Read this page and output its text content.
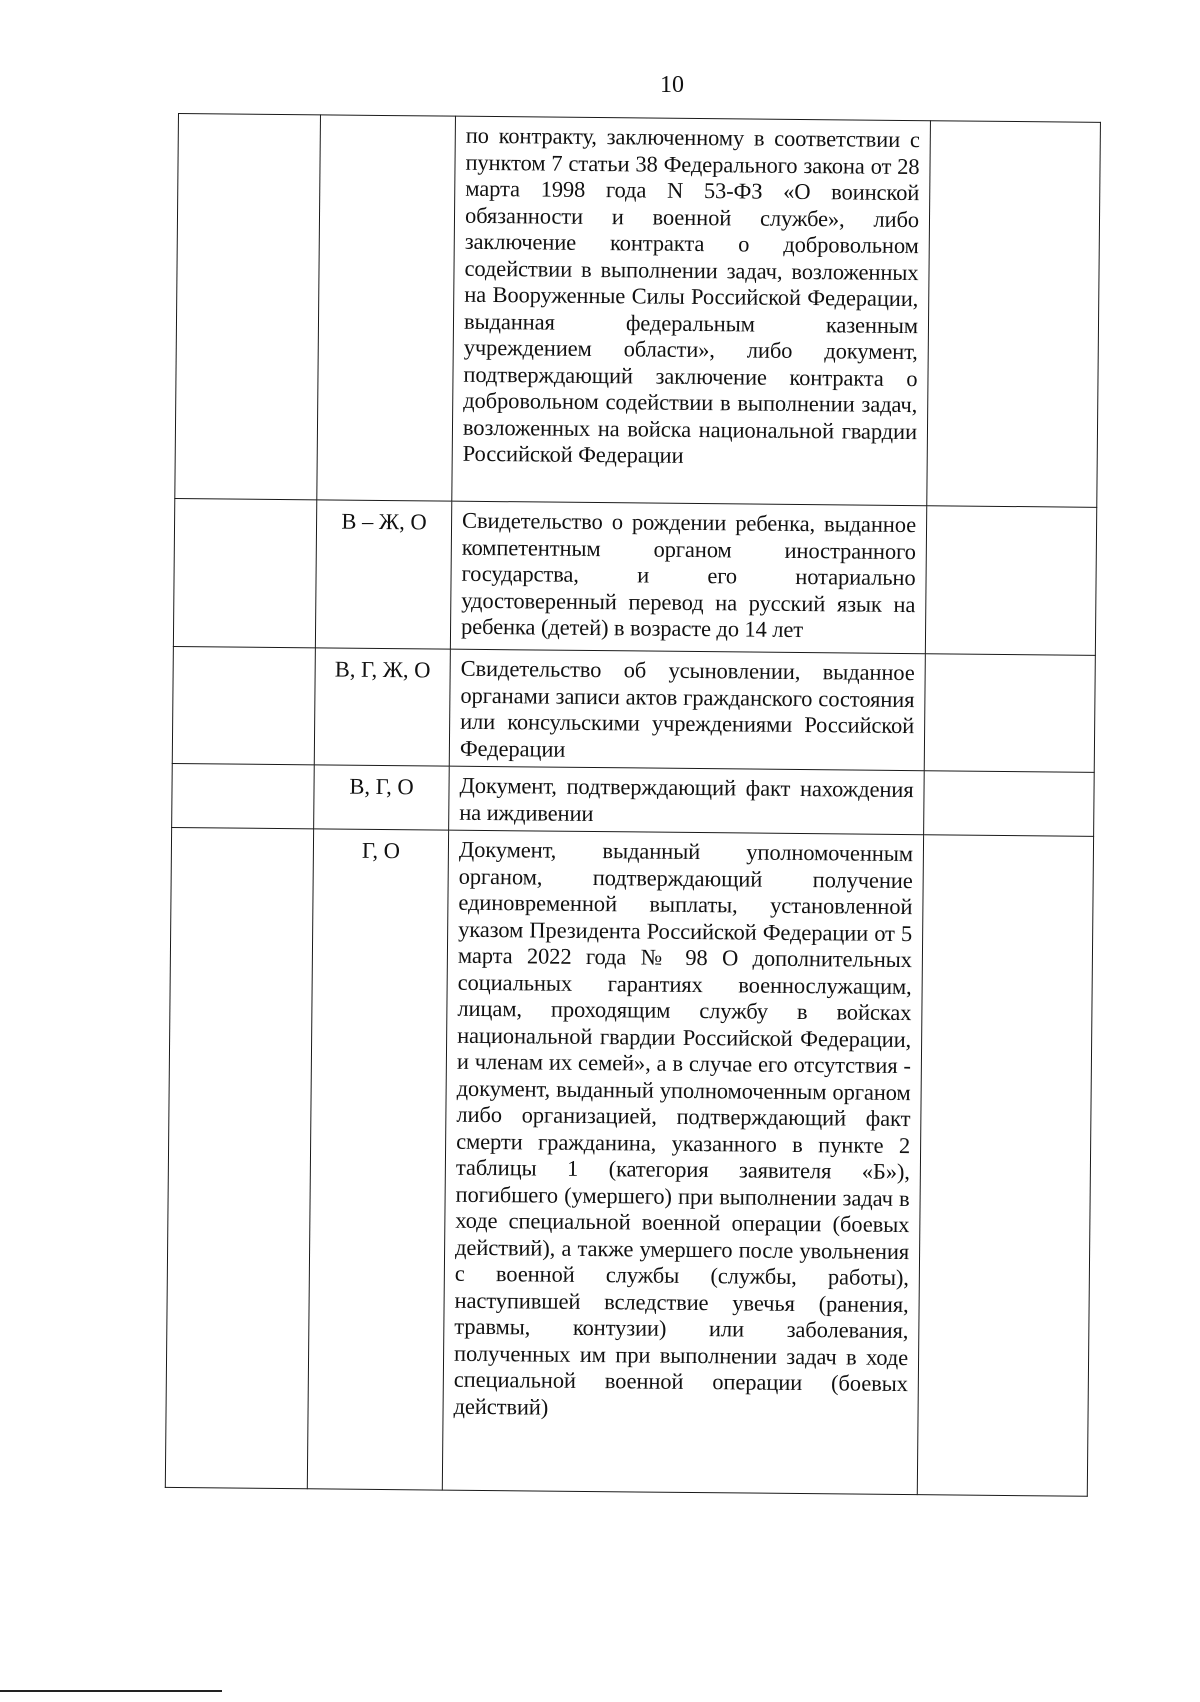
10
		по контракту, заключенному в соответствии с пунктом 7 статьи 38 Федерального закона от 28 марта 1998 года N 53-ФЗ «О воинской обязанности и военной службе», либо заключение контракта о добровольном содействии в выполнении задач, возложенных на Вооруженные Силы Российской Федерации, выданная федеральным казенным учреждением области», либо документ, подтверждающий заключение контракта о добровольном содействии в выполнении задач, возложенных на войска национальной гвардии Российской Федерации	
	В – Ж, О	Свидетельство о рождении ребенка, выданное компетентным органом иностранного государства, и его нотариально удостоверенный перевод на русский язык на ребенка (детей) в возрасте до 14 лет	
	В, Г, Ж, О	Свидетельство об усыновлении, выданное органами записи актов гражданского состояния или консульскими учреждениями Российской Федерации	
	В, Г, О	Документ, подтверждающий факт нахождения на иждивении	
	Г, О	Документ, выданный уполномоченным органом, подтверждающий получение единовременной выплаты, установленной указом Президента Российской Федерации от 5 марта 2022 года № 98 О дополнительных социальных гарантиях военнослужащим, лицам, проходящим службу в войсках национальной гвардии Российской Федерации, и членам их семей», а в случае его отсутствия - документ, выданный уполномоченным органом либо организацией, подтверждающий факт смерти гражданина, указанного в пункте 2 таблицы 1 (категория заявителя «Б»), погибшего (умершего) при выполнении задач в ходе специальной военной операции (боевых действий), а также умершего после увольнения с военной службы (службы, работы), наступившей вследствие увечья (ранения, травмы, контузии) или заболевания, полученных им при выполнении задач в ходе специальной военной операции (боевых действий)	
